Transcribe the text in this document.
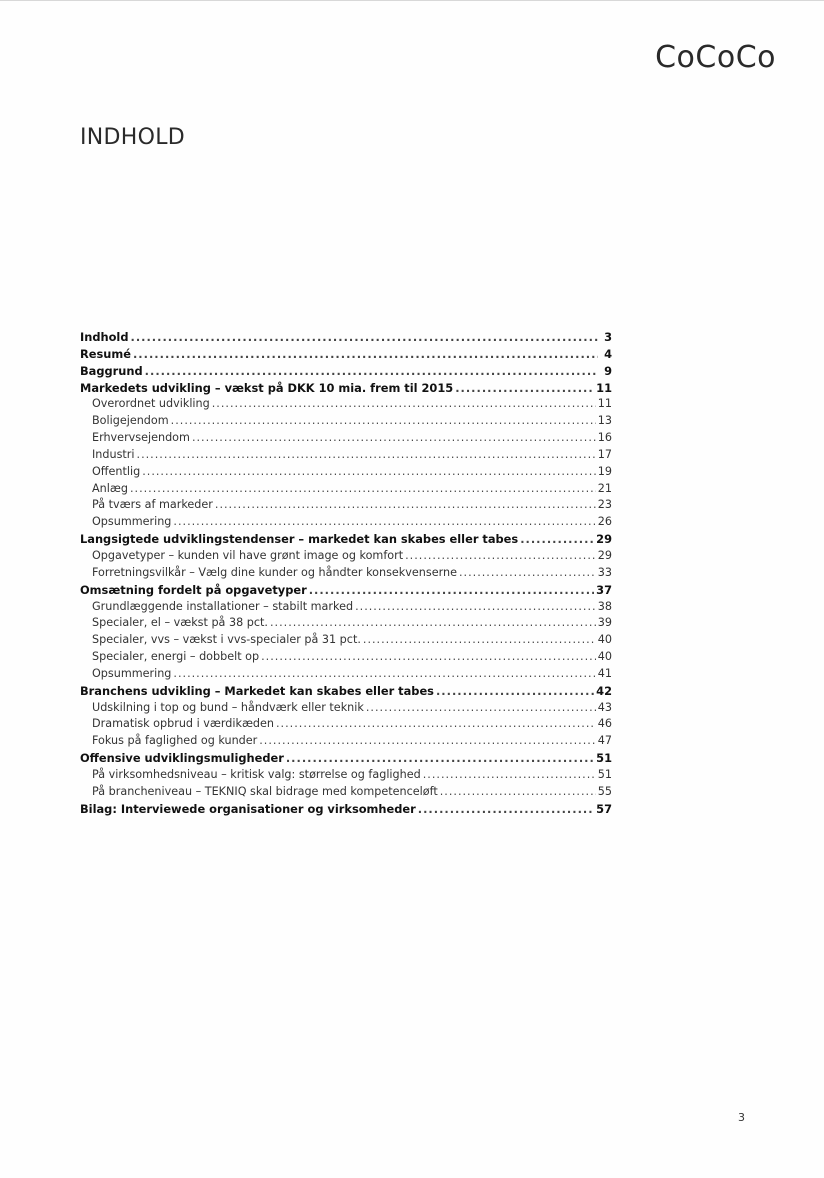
CoCoCo
INDHOLD
Indhold .....	3
Resumé .....	4
Baggrund .....	9
Markedets udvikling – vækst på DKK 10 mia. frem til 2015 .....	11
Overordnet udvikling .....	11
Boligejendom .....	13
Erhvervsejendom .....	16
Industri .....	17
Offentlig .....	19
Anlæg .....	21
På tværs af markeder .....	23
Opsummering .....	26
Langsigtede udviklingstendenser – markedet kan skabes eller tabes .....	29
Opgavetyper – kunden vil have grønt image og komfort .....	29
Forretningsvilkår – Vælg dine kunder og håndter konsekvenserne .....	33
Omsætning fordelt på opgavetyper .....	37
Grundlæggende installationer – stabilt marked .....	38
Specialer, el – vækst på 38 pct. .....	39
Specialer, vvs – vækst i vvs-specialer på 31 pct. .....	40
Specialer, energi – dobbelt op .....	40
Opsummering .....	41
Branchens udvikling – Markedet kan skabes eller tabes .....	42
Udskilning i top og bund – håndværk eller teknik .....	43
Dramatisk opbrud i værdikæden .....	46
Fokus på faglighed og kunder .....	47
Offensive udviklingsmuligheder .....	51
På virksomhedsniveau – kritisk valg: størrelse og faglighed .....	51
På brancheniveau – TEKNIQ skal bidrage med kompetenceløft .....	55
Bilag: Interviewede organisationer og virksomheder .....	57
3
